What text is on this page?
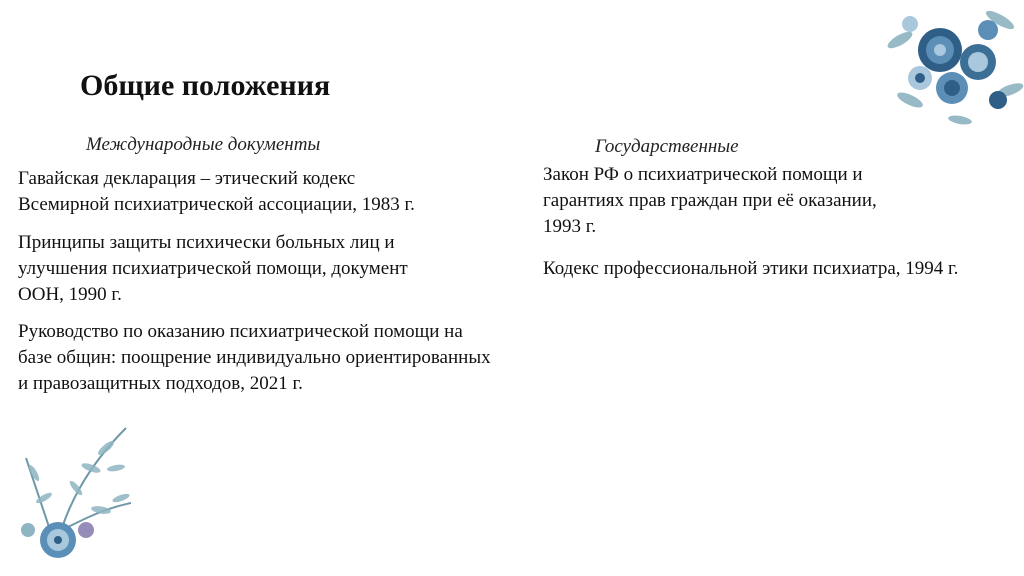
Общие положения

Международные документы	Государственные

Гавайская декларация – этический кодекс
Всемирной психиатрической ассоциации, 1983 г.

Принципы защиты психически больных лиц и
улучшения психиатрической помощи, документ
ООН, 1990 г.

Руководство по оказанию психиатрической помощи на
базе общин: поощрение индивидуально ориентированных
и правозащитных подходов, 2021 г.

Закон РФ о психиатрической помощи и
гарантиях прав граждан при её оказании,
1993 г.

Кодекс профессиональной этики психиатра, 1994 г.
